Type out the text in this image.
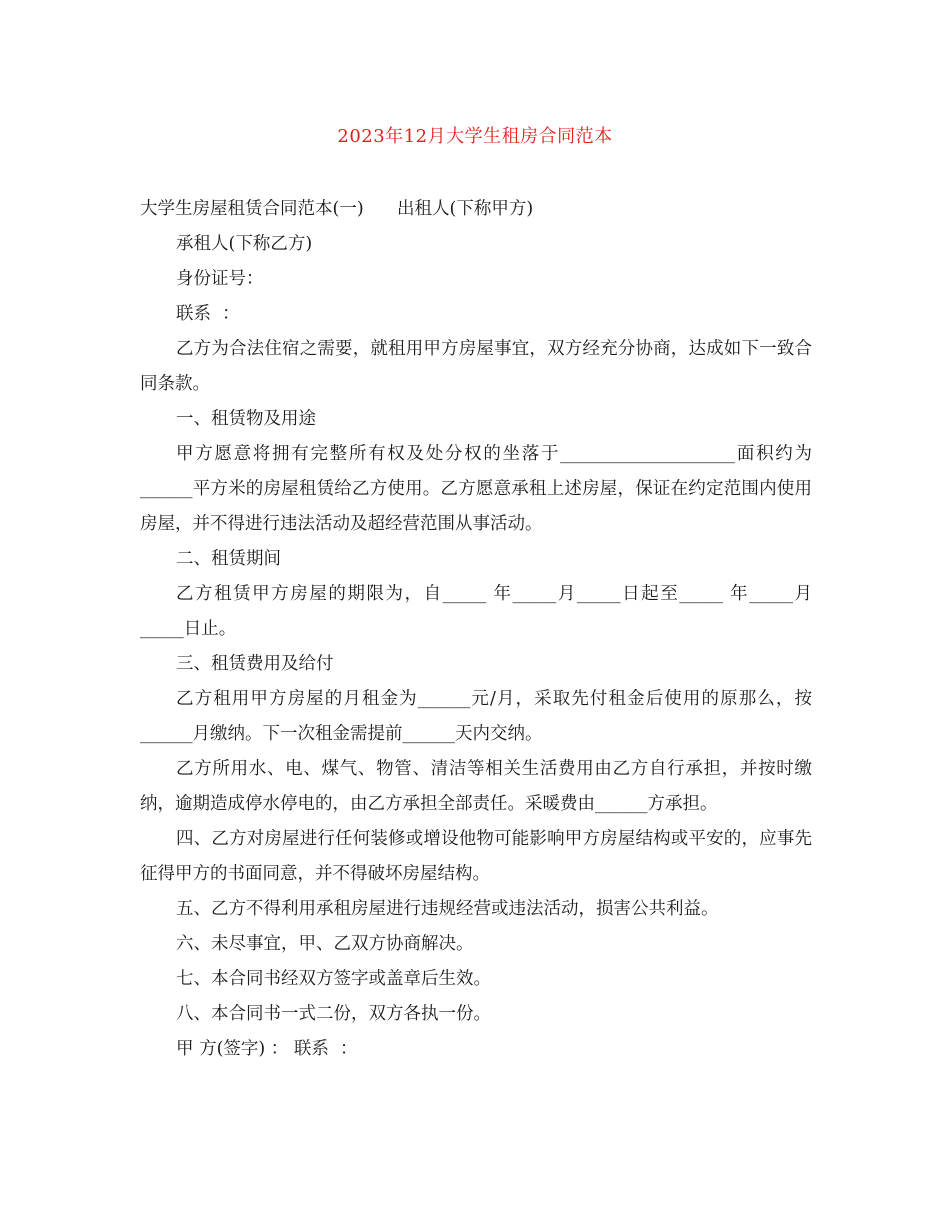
2023年12月大学生租房合同范本

大学生房屋租赁合同范本(一)      出租人(下称甲方)

承租人(下称乙方)

身份证号：

联系  ：

乙方为合法住宿之需要，就租用甲方房屋事宜，双方经充分协商，达成如下一致合同条款。

一、租赁物及用途

甲方愿意将拥有完整所有权及处分权的坐落于____________________面积约为______平方米的房屋租赁给乙方使用。乙方愿意承租上述房屋，保证在约定范围内使用房屋，并不得进行违法活动及超经营范围从事活动。

二、租赁期间

乙方租赁甲方房屋的期限为，自_____ 年_____月_____日起至_____ 年_____月_____日止。

三、租赁费用及给付

乙方租用甲方房屋的月租金为______元/月，采取先付租金后使用的原那么，按______月缴纳。下一次租金需提前______天内交纳。

乙方所用水、电、煤气、物管、清洁等相关生活费用由乙方自行承担，并按时缴纳，逾期造成停水停电的，由乙方承担全部责任。采暖费由______方承担。

四、乙方对房屋进行任何装修或增设他物可能影响甲方房屋结构或平安的，应事先征得甲方的书面同意，并不得破坏房屋结构。

五、乙方不得利用承租房屋进行违规经营或违法活动，损害公共利益。

六、未尽事宜，甲、乙双方协商解决。

七、本合同书经双方签字或盖章后生效。

八、本合同书一式二份，双方各执一份。

甲 方(签字) ： 联系  ：
